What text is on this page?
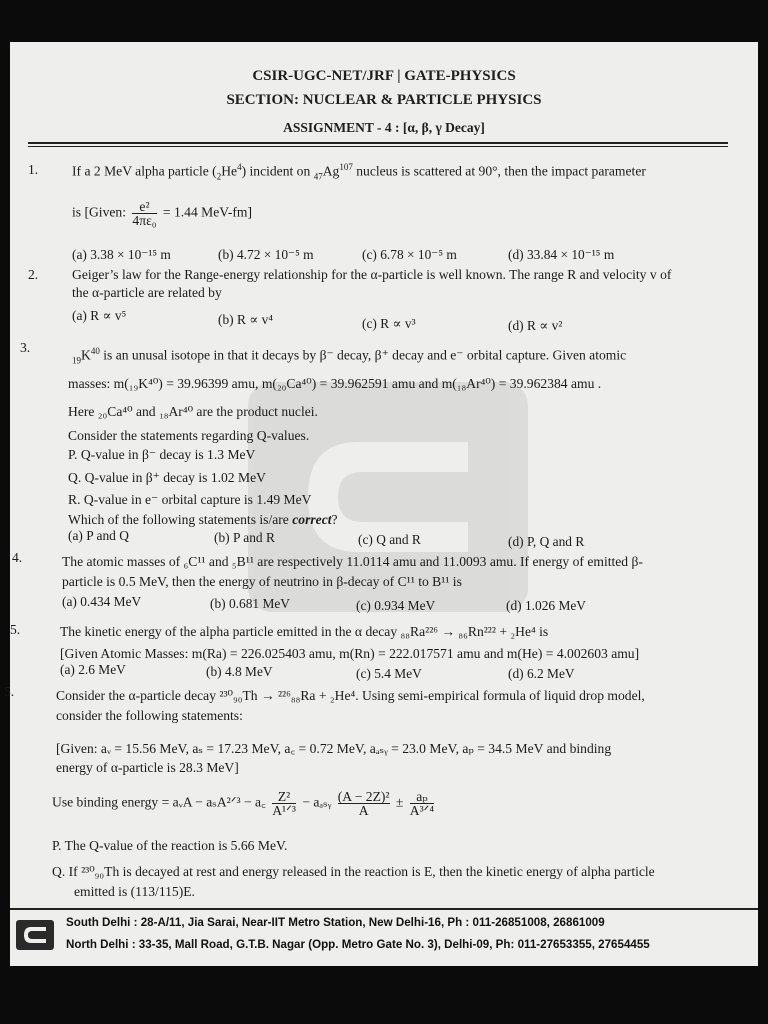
CSIR-UGC-NET/JRF | GATE-PHYSICS
SECTION: NUCLEAR & PARTICLE PHYSICS
ASSIGNMENT - 4 : [α, β, γ Decay]
1. If a 2 MeV alpha particle $(_2He^4)$ incident on $_{47}Ag^{107}$ nucleus is scattered at 90°, then the impact parameter
is [Given: $\frac{\text{e²}}{\text{4πε₀}} = 1.44$ MeV-fm]
(a) 3.38 × 10⁻¹⁵ m	(b) 4.72 × 10⁻⁵ m	(c) 6.78 × 10⁻⁵ m	(d) 33.84 × 10⁻¹⁵ m
2. Geiger’s law for the Range-energy relationship for the α-particle is well known. The range R and velocity v of
the α-particle are related by
(a) R ∝ v⁵	(b) R ∝ v⁴	(c) R ∝ v³	(d) R ∝ v²
3.
$_{19}K^{40}$ is an unusal isotope in that it decays by β⁻ decay, β⁺ decay and e⁻ orbital capture. Given atomic
masses: m(₁₉K⁴⁰) = 39.96399 amu, m(₂₀Ca⁴⁰) = 39.962591 amu and m(₁₈Ar⁴⁰) = 39.962384 amu .
Here ₂₀Ca⁴⁰ and ₁₈Ar⁴⁰ are the product nuclei.
Consider the statements regarding Q-values.
P. Q-value in β⁻ decay is 1.3 MeV
Q. Q-value in β⁺ decay is 1.02 MeV
R. Q-value in e⁻ orbital capture is 1.49 MeV
Which of the following statements is/are correct?
(a) P and Q	(b) P and R	(c) Q and R	(d) P, Q and R
4.	The atomic masses of ₆C¹¹ and ₅B¹¹ are respectively 11.0114 amu and 11.0093 amu. If energy of emitted β-
particle is 0.5 MeV, then the energy of neutrino in β-decay of C¹¹ to B¹¹ is
(a) 0.434 MeV	(b) 0.681 MeV	(c) 0.934 MeV	(d) 1.026 MeV
5.	The kinetic energy of the alpha particle emitted in the α decay ₈₈Ra²²⁶ → ₈₆Rn²²² + ₂He⁴ is
[Given Atomic Masses: m(Ra) = 226.025403 amu, m(Rn) = 222.017571 amu and m(He) = 4.002603 amu]
(a) 2.6 MeV	(b) 4.8 MeV	(c) 5.4 MeV	(d) 6.2 MeV
5.	Consider the α-particle decay ²³⁰₉₀Th → ²²⁶₈₈Ra + ₂He⁴. Using semi-empirical formula of liquid drop model,
consider the following statements:
[Given: aᵥ = 15.56 MeV, aₛ = 17.23 MeV, a꜀ = 0.72 MeV, aₐₛᵧ = 23.0 MeV, aₚ = 34.5 MeV and binding
energy of α-particle is 28.3 MeV]
Use binding energy = aᵥA − aₛA²ᐟ³ − a꜀ $\frac{\text{Z²}}{\text{A¹ᐟ³}}$ − aₐₛᵧ $\frac{\text{(A − 2Z)²}}{A} \pm \frac{\text{aₚ}}{\text{A³ᐟ⁴}}$
P. The Q-value of the reaction is 5.66 MeV.
Q. If ²³⁰₉₀Th is decayed at rest and energy released in the reaction is E, then the kinetic energy of alpha particle
emitted is (113/115)E.
South Delhi : 28-A/11, Jia Sarai, Near-IIT Metro Station, New Delhi-16, Ph : 011-26851008, 26861009
North Delhi : 33-35, Mall Road, G.T.B. Nagar (Opp. Metro Gate No. 3), Delhi-09, Ph: 011-27653355, 27654455
